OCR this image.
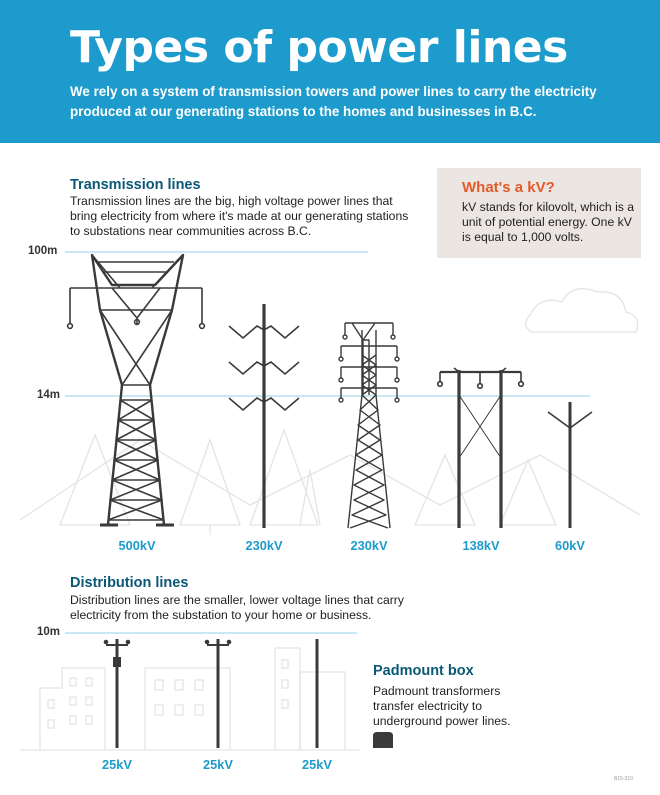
Types of power lines

We rely on a system of transmission towers and power lines to carry the electricity produced at our generating stations to the homes and businesses in B.C.

Transmission lines

Transmission lines are the big, high voltage power lines that bring electricity from where it's made at our generating stations to substations near communities across B.C.

What's a kV?

kV stands for kilovolt, which is a unit of potential energy. One kV is equal to 1,000 volts.

100m
14m
500kV	230kV	230kV	138kV	60kV

Distribution lines

Distribution lines are the smaller, lower voltage lines that carry electricity from the substation to your home or business.

10m
25kV	25kV	25kV

Padmount box

Padmount transformers transfer electricity to underground power lines.

B15-310
